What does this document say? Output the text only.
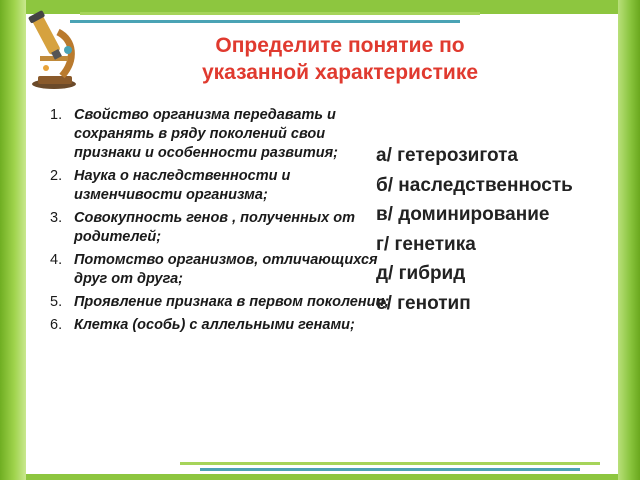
Определите понятие по
указанной характеристике
1. Свойство организма передавать и сохранять в ряду поколений свои признаки и особенности развития;
2. Наука о наследственности и изменчивости организма;
3. Совокупность генов , полученных от родителей;
4. Потомство организмов, отличающихся друг от друга;
5. Проявление признака в первом поколении;
6. Клетка (особь) с аллельными генами;
а/ гетерозигота
б/ наследственность
в/ доминирование
г/ генетика
д/ гибрид
е/ генотип
